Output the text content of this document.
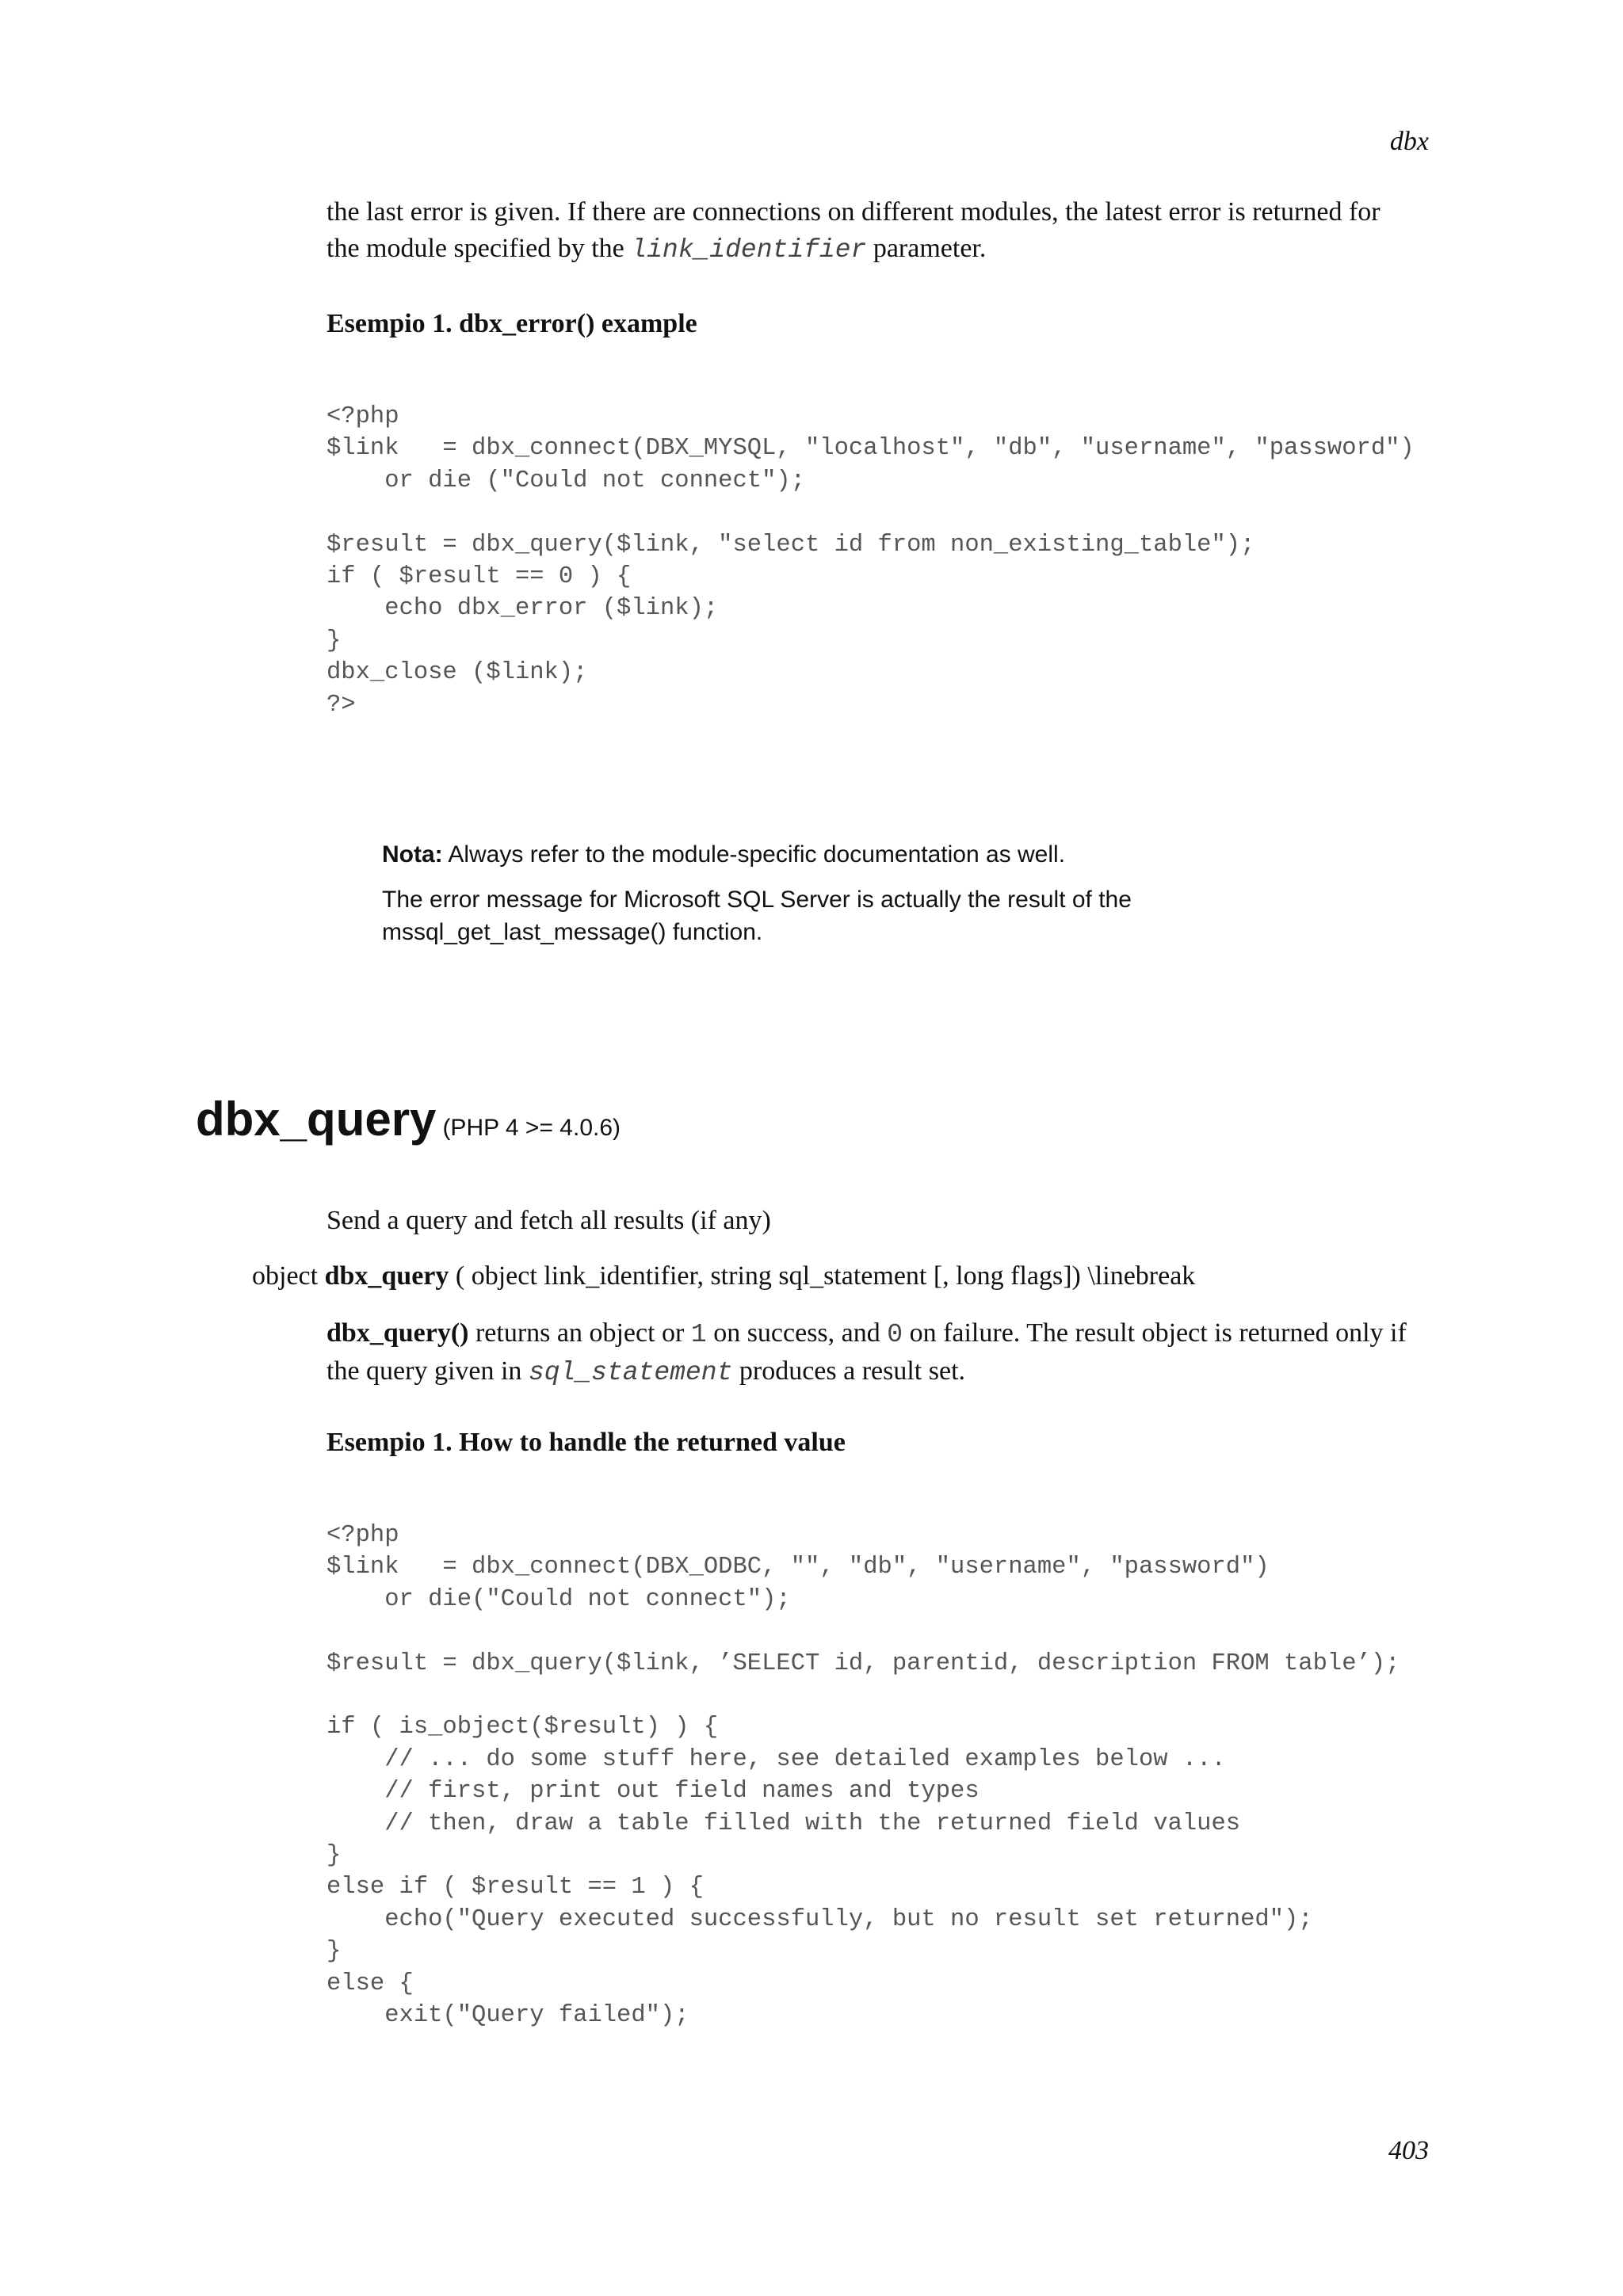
dbx
the last error is given. If there are connections on different modules, the latest error is returned for
the module specified by the link_identifier parameter.
Esempio 1. dbx_error() example
<?php
$link   = dbx_connect(DBX_MYSQL, "localhost", "db", "username", "password")
or die ("Could not connect");

$result = dbx_query($link, "select id from non_existing_table");
if ( $result == 0 ) {
echo dbx_error ($link);
}
dbx_close ($link);
?>

Nota: Always refer to the module-specific documentation as well.

The error message for Microsoft SQL Server is actually the result of the

mssql_get_last_message() function.

dbx_query (PHP 4 >= 4.0.6)
Send a query and fetch all results (if any)
object dbx_query ( object link_identifier, string sql_statement [, long flags]) \linebreak
dbx_query() returns an object or 1 on success, and 0 on failure. The result object is returned only if
the query given in sql_statement produces a result set.
Esempio 1. How to handle the returned value
<?php
$link   = dbx_connect(DBX_ODBC, "", "db", "username", "password")
or die("Could not connect");

$result = dbx_query($link, ’SELECT id, parentid, description FROM table’);

if ( is_object($result) ) {
// ... do some stuff here, see detailed examples below ...
// first, print out field names and types
// then, draw a table filled with the returned field values
}
else if ( $result == 1 ) {
echo("Query executed successfully, but no result set returned");
}
else {
exit("Query failed");
403
